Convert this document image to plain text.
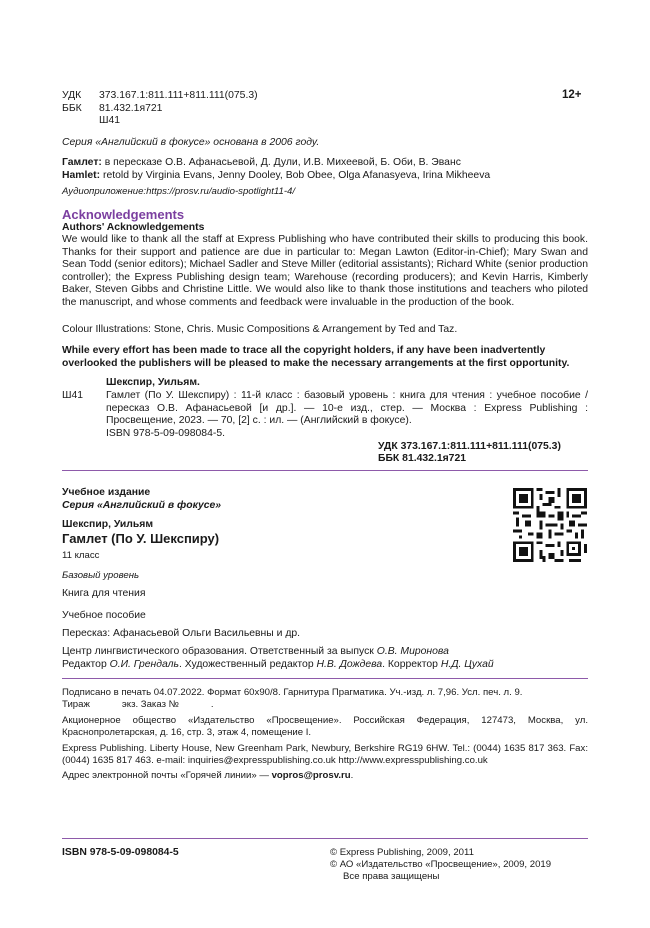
УДК	373.167.1:811.111+811.111(075.3)
ББК	81.432.1я721
Ш41
12+
Серия «Английский в фокусе» основана в 2006 году.
Гамлет: в пересказе О.В. Афанасьевой, Д. Дули, И.В. Михеевой, Б. Оби, В. Эванс
Hamlet: retold by Virginia Evans, Jenny Dooley, Bob Obee, Olga Afanasyeva, Irina Mikheeva
Аудиоприложение:https://prosv.ru/audio-spotlight11-4/
Acknowledgements
Authors' Acknowledgements
We would like to thank all the staff at Express Publishing who have contributed their skills to producing this book. Thanks for their support and patience are due in particular to: Megan Lawton (Editor-in-Chief); Mary Swan and Sean Todd (senior editors); Michael Sadler and Steve Miller (editorial assistants); Richard White (senior production controller); the Express Publishing design team; Warehouse (recording producers); and Kevin Harris, Kimberly Baker, Steven Gibbs and Christine Little. We would also like to thank those institutions and teachers who piloted the manuscript, and whose comments and feedback were invaluable in the production of the book.
Colour Illustrations: Stone, Chris. Music Compositions & Arrangement by Ted and Taz.
While every effort has been made to trace all the copyright holders, if any have been inadvertently overlooked the publishers will be pleased to make the necessary arrangements at the first opportunity.
Шекспир, Уильям.
Ш41 Гамлет (По У. Шекспиру) : 11-й класс : базовый уровень : книга для чтения : учебное пособие / пересказ О.В. Афанасьевой [и др.]. — 10-е изд., стер. — Москва : Express Publishing : Просвещение, 2023. — 70, [2] с. : ил. — (Английский в фокусе).
ISBN 978-5-09-098084-5.
УДК 373.167.1:811.111+811.111(075.3)
ББК 81.432.1я721
Учебное издание
Серия «Английский в фокусе»
Шекспир, Уильям
Гамлет (По У. Шекспиру)
11 класс
Базовый уровень
Книга для чтения
Учебное пособие
Пересказ: Афанасьевой Ольги Васильевны и др.
Центр лингвистического образования. Ответственный за выпуск О.В. Миронова
Редактор О.И. Грендаль. Художественный редактор Н.В. Дождева. Корректор Н.Д. Цухай
Подписано в печать 04.07.2022. Формат 60х90/8. Гарнитура Прагматика. Уч.-изд. л. 7,96. Усл. печ. л. 9.
Тираж            экз. Заказ №            .
Акционерное общество «Издательство «Просвещение». Российская Федерация, 127473, Москва, ул. Краснопролетарская, д. 16, стр. 3, этаж 4, помещение I.
Express Publishing. Liberty House, New Greenham Park, Newbury, Berkshire RG19 6HW. Tel.: (0044) 1635 817 363. Fax: (0044) 1635 817 463. e-mail: inquiries@expresspublishing.co.uk http://www.expresspublishing.co.uk
Адрес электронной почты «Горячей линии» — vopros@prosv.ru.
ISBN 978-5-09-098084-5	© Express Publishing, 2009, 2011
© АО «Издательство «Просвещение», 2009, 2019
Все права защищены
